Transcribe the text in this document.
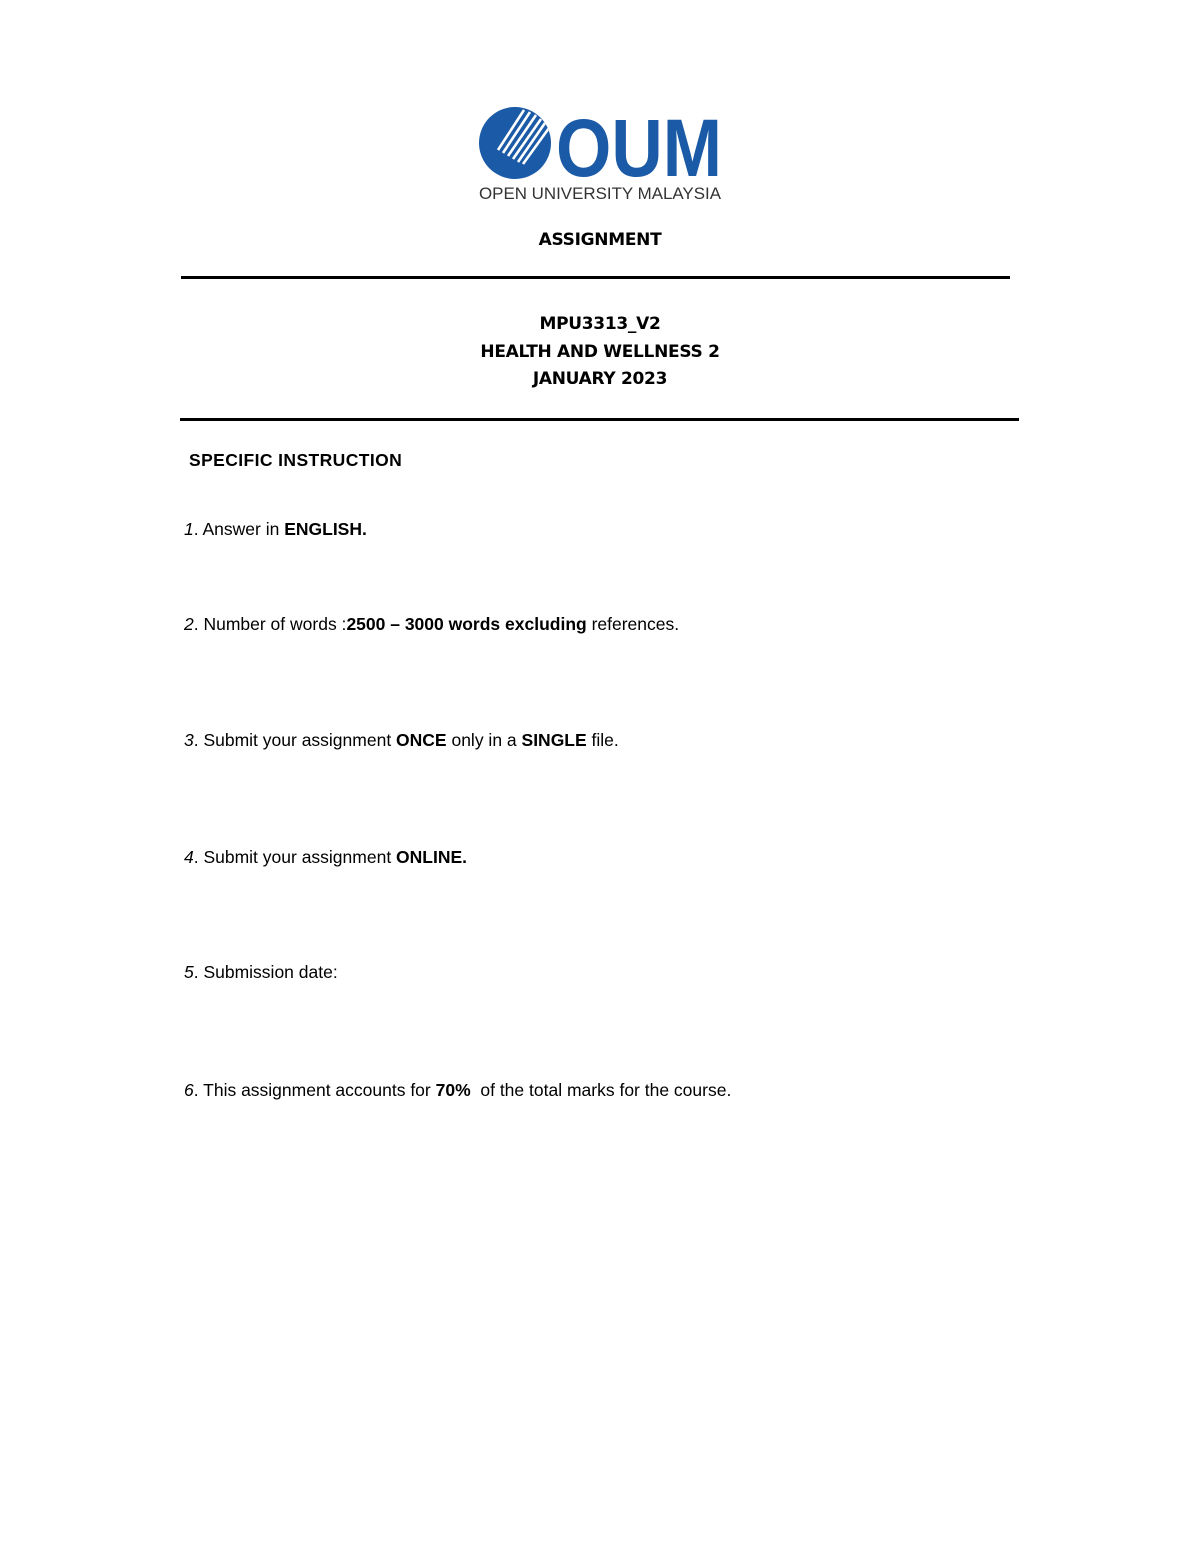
OUM
OPEN UNIVERSITY MALAYSIA
ASSIGNMENT
MPU3313_V2
HEALTH AND WELLNESS 2
JANUARY 2023
SPECIFIC INSTRUCTION
1. Answer in ENGLISH.
2. Number of words :2500 – 3000 words excluding references.
3. Submit your assignment ONCE only in a SINGLE file.
4. Submit your assignment ONLINE.
5. Submission date:
6. This assignment accounts for 70%  of the total marks for the course.
